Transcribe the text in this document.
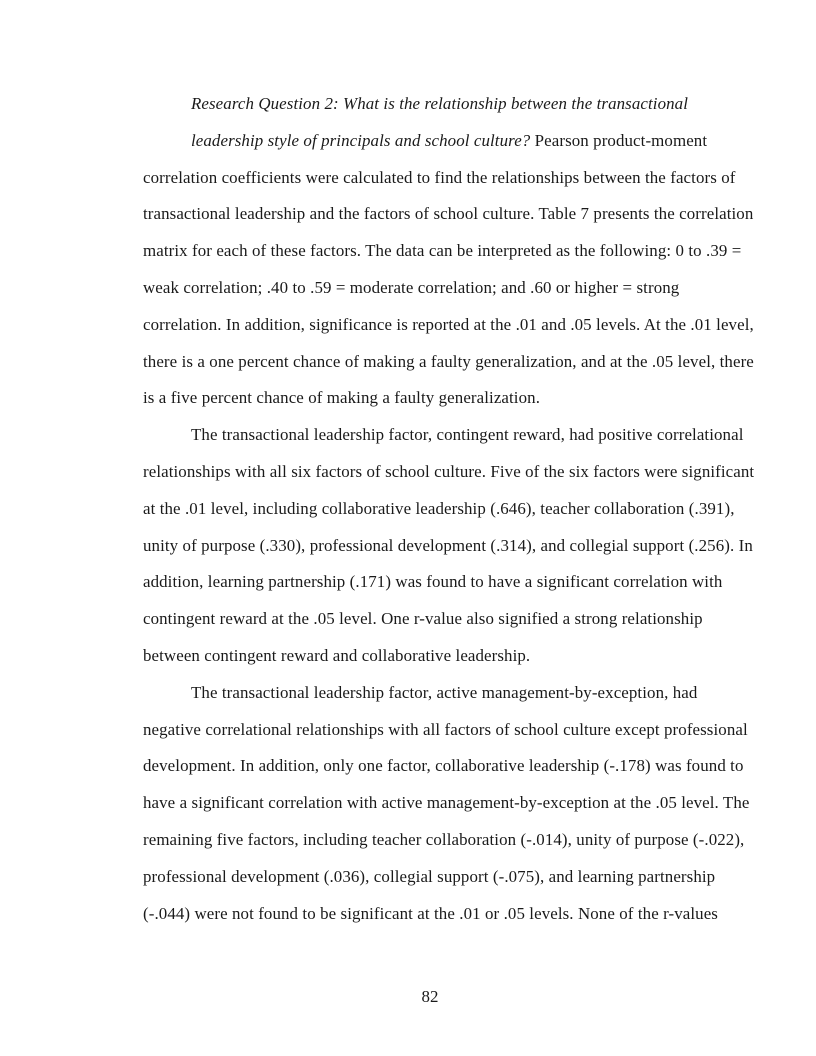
Research Question 2: What is the relationship between the transactional
leadership style of principals and school culture? Pearson product-moment
correlation coefficients were calculated to find the relationships between the factors of
transactional leadership and the factors of school culture. Table 7 presents the correlation
matrix for each of these factors. The data can be interpreted as the following: 0 to .39 =
weak correlation; .40 to .59 = moderate correlation; and .60 or higher = strong
correlation. In addition, significance is reported at the .01 and .05 levels. At the .01 level,
there is a one percent chance of making a faulty generalization, and at the .05 level, there
is a five percent chance of making a faulty generalization.
The transactional leadership factor, contingent reward, had positive correlational
relationships with all six factors of school culture. Five of the six factors were significant
at the .01 level, including collaborative leadership (.646), teacher collaboration (.391),
unity of purpose (.330), professional development (.314), and collegial support (.256). In
addition, learning partnership (.171) was found to have a significant correlation with
contingent reward at the .05 level. One r-value also signified a strong relationship
between contingent reward and collaborative leadership.
The transactional leadership factor, active management-by-exception, had
negative correlational relationships with all factors of school culture except professional
development. In addition, only one factor, collaborative leadership (-.178) was found to
have a significant correlation with active management-by-exception at the .05 level. The
remaining five factors, including teacher collaboration (-.014), unity of purpose (-.022),
professional development (.036), collegial support (-.075), and learning partnership
(-.044) were not found to be significant at the .01 or .05 levels. None of the r-values
82
